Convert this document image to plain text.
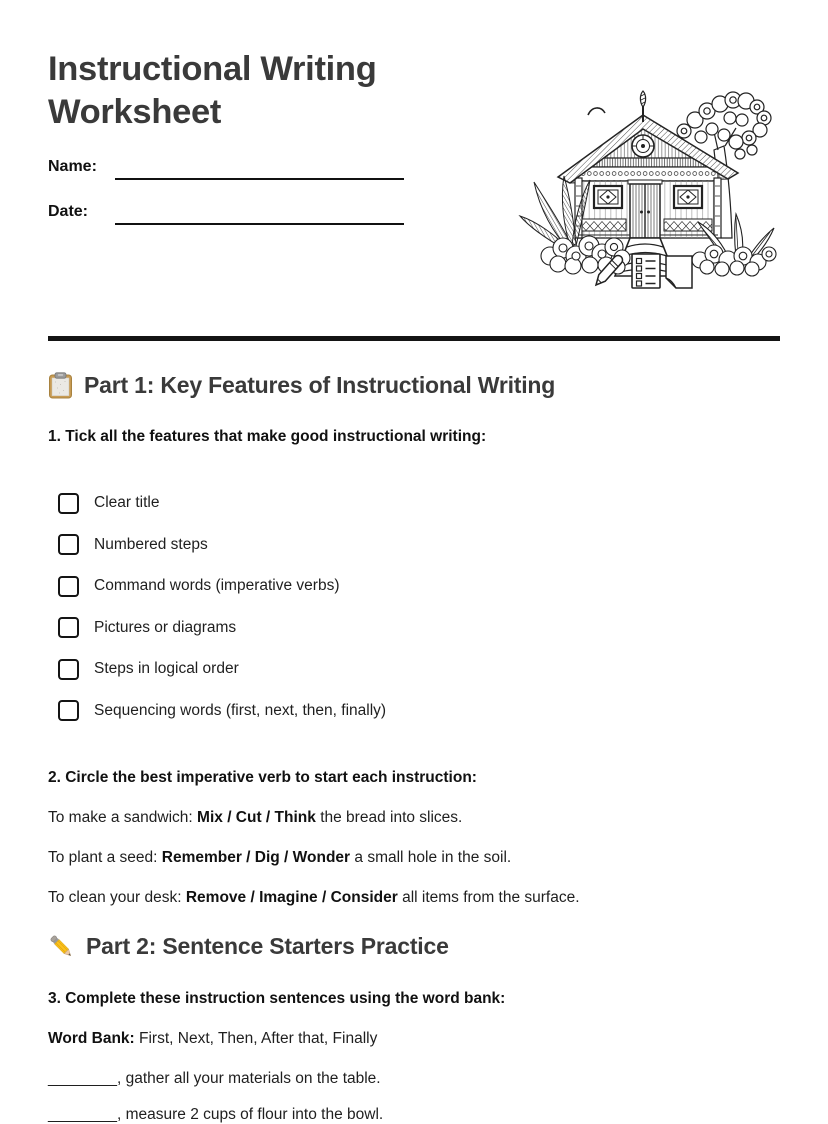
Instructional Writing Worksheet
Name:
Date:
Part 1: Key Features of Instructional Writing
1. Tick all the features that make good instructional writing:
Clear title
Numbered steps
Command words (imperative verbs)
Pictures or diagrams
Steps in logical order
Sequencing words (first, next, then, finally)
2. Circle the best imperative verb to start each instruction:
To make a sandwich: Mix / Cut / Think the bread into slices.
To plant a seed: Remember / Dig / Wonder a small hole in the soil.
To clean your desk: Remove / Imagine / Consider all items from the surface.
Part 2: Sentence Starters Practice
3. Complete these instruction sentences using the word bank:
Word Bank: First, Next, Then, After that, Finally
________, gather all your materials on the table.
________, measure 2 cups of flour into the bowl.
